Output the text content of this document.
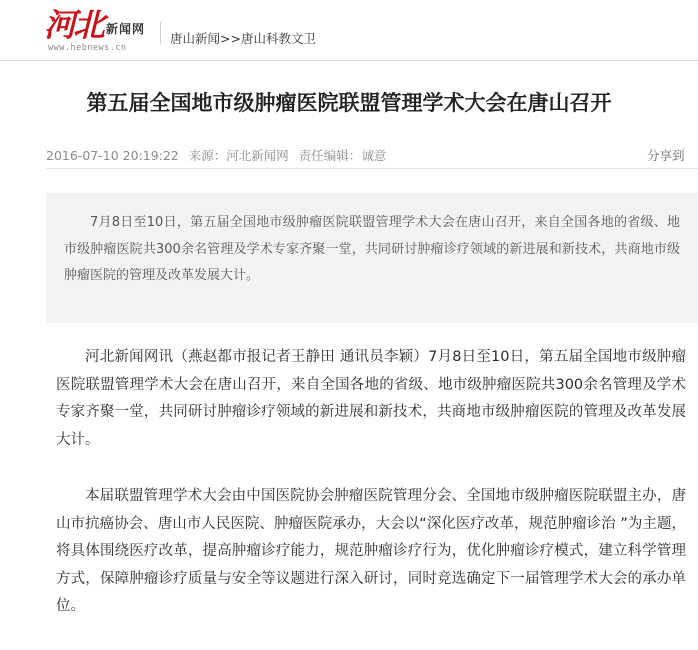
河北 新闻网
www.hebnews.cn
唐山新闻>>唐山科教文卫
第五届全国地市级肿瘤医院联盟管理学术大会在唐山召开
2016-07-10 20:19:22 来源：河北新闻网 责任编辑：诚意	分享到

7月8日至10日，第五届全国地市级肿瘤医院联盟管理学术大会在唐山召开，来自全国各地的省级、地市级肿瘤医院共300余名管理及学术专家齐聚一堂，共同研讨肿瘤诊疗领域的新进展和新技术，共商地市级肿瘤医院的管理及改革发展大计。

河北新闻网讯（燕赵都市报记者王静田 通讯员李颖）7月8日至10日，第五届全国地市级肿瘤医院联盟管理学术大会在唐山召开，来自全国各地的省级、地市级肿瘤医院共300余名管理及学术专家齐聚一堂，共同研讨肿瘤诊疗领域的新进展和新技术，共商地市级肿瘤医院的管理及改革发展大计。

本届联盟管理学术大会由中国医院协会肿瘤医院管理分会、全国地市级肿瘤医院联盟主办，唐山市抗癌协会、唐山市人民医院、肿瘤医院承办，大会以“深化医疗改革，规范肿瘤诊治 ”为主题，将具体围绕医疗改革，提高肿瘤诊疗能力，规范肿瘤诊疗行为，优化肿瘤诊疗模式，建立科学管理方式，保障肿瘤诊疗质量与安全等议题进行深入研讨，同时竞选确定下一届管理学术大会的承办单位。
